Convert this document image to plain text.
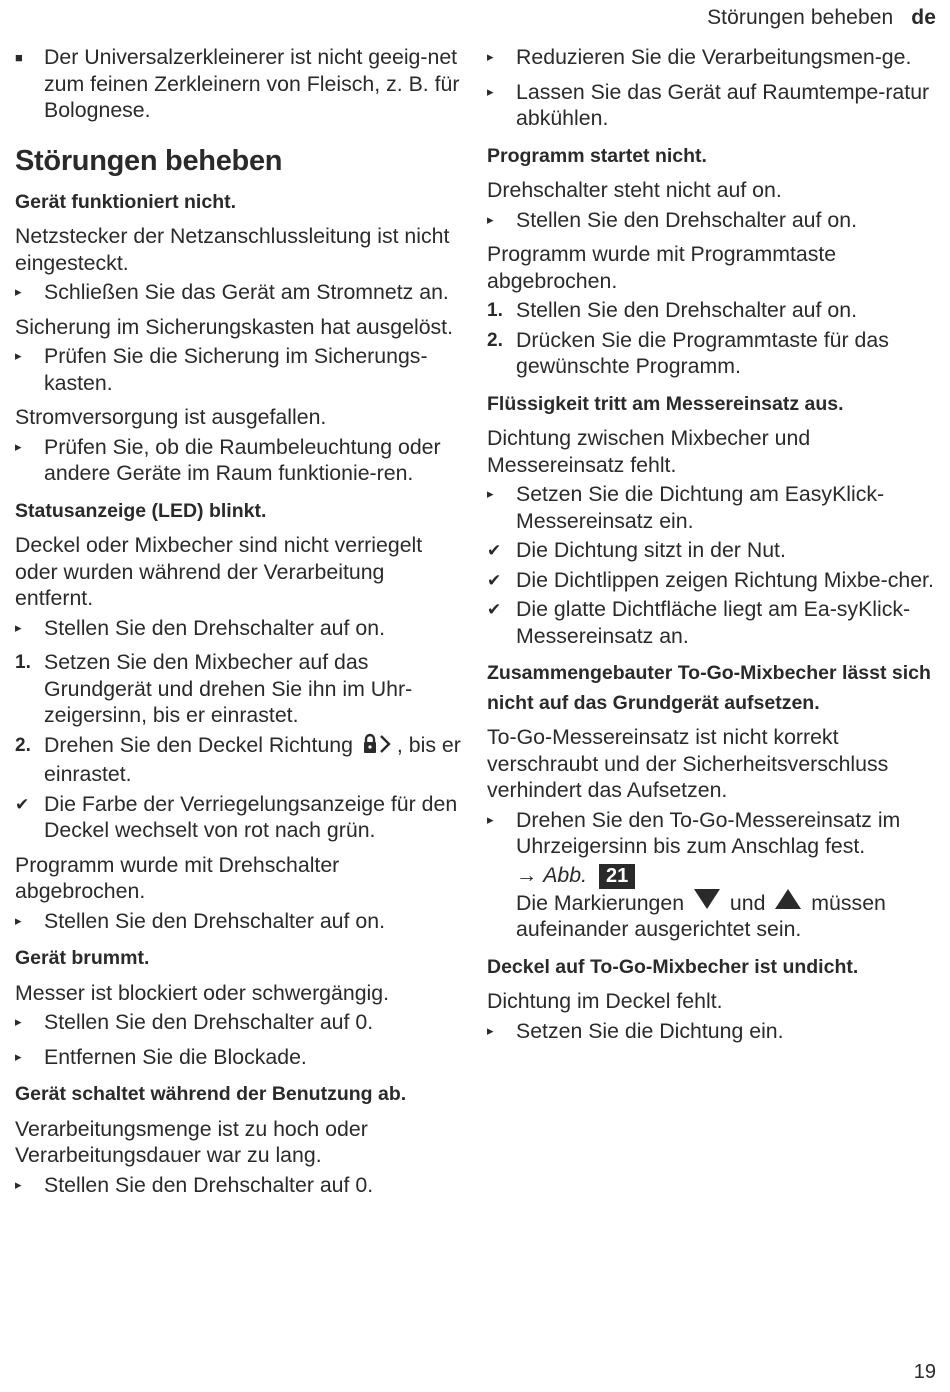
Störungen beheben de
■ Der Universalzerkleinerer ist nicht geeig-net zum feinen Zerkleinern von Fleisch, z. B. für Bolognese.
Störungen beheben
Gerät funktioniert nicht.
Netzstecker der Netzanschlussleitung ist nicht eingesteckt.
▸	Schließen Sie das Gerät am Stromnetz an.
Sicherung im Sicherungskasten hat ausgelöst.
▸	Prüfen Sie die Sicherung im Sicherungs-kasten.
Stromversorgung ist ausgefallen.
▸	Prüfen Sie, ob die Raumbeleuchtung oder andere Geräte im Raum funktionie-ren.
Statusanzeige (LED) blinkt.
Deckel oder Mixbecher sind nicht verriegelt oder wurden während der Verarbeitung entfernt.
▸	Stellen Sie den Drehschalter auf on.
1. Setzen Sie den Mixbecher auf das Grundgerät und drehen Sie ihn im Uhr-zeigersinn, bis er einrastet.
2. Drehen Sie den Deckel Richtung , bis er einrastet.
✔ Die Farbe der Verriegelungsanzeige für den Deckel wechselt von rot nach grün.
Programm wurde mit Drehschalter abgebrochen.
▸	Stellen Sie den Drehschalter auf on.
Gerät brummt.
Messer ist blockiert oder schwergängig.
▸	Stellen Sie den Drehschalter auf 0.
▸	Entfernen Sie die Blockade.
Gerät schaltet während der Benutzung ab.
Verarbeitungsmenge ist zu hoch oder Verarbeitungsdauer war zu lang.
▸	Stellen Sie den Drehschalter auf 0.
▸	Reduzieren Sie die Verarbeitungsmen-ge.
▸	Lassen Sie das Gerät auf Raumtempe-ratur abkühlen.
Programm startet nicht.
Drehschalter steht nicht auf on.
▸	Stellen Sie den Drehschalter auf on.
Programm wurde mit Programmtaste abgebrochen.
1. Stellen Sie den Drehschalter auf on.
2. Drücken Sie die Programmtaste für das gewünschte Programm.
Flüssigkeit tritt am Messereinsatz aus.
Dichtung zwischen Mixbecher und Messereinsatz fehlt.
▸	Setzen Sie die Dichtung am EasyKlick-Messereinsatz ein.
✔ Die Dichtung sitzt in der Nut.
✔ Die Dichtlippen zeigen Richtung Mixbe-cher.
✔ Die glatte Dichtfläche liegt am Ea-syKlick-Messereinsatz an.
Zusammengebauter To-Go-Mixbecher lässt sich nicht auf das Grundgerät aufsetzen.
To-Go-Messereinsatz ist nicht korrekt verschraubt und der Sicherheitsverschluss verhindert das Aufsetzen.
▸	Drehen Sie den To-Go-Messereinsatz im Uhrzeigersinn bis zum Anschlag fest. → Abb. 21
Die Markierungen  und  müssen aufeinander ausgerichtet sein.
Deckel auf To-Go-Mixbecher ist undicht.
Dichtung im Deckel fehlt.
▸	Setzen Sie die Dichtung ein.
19
